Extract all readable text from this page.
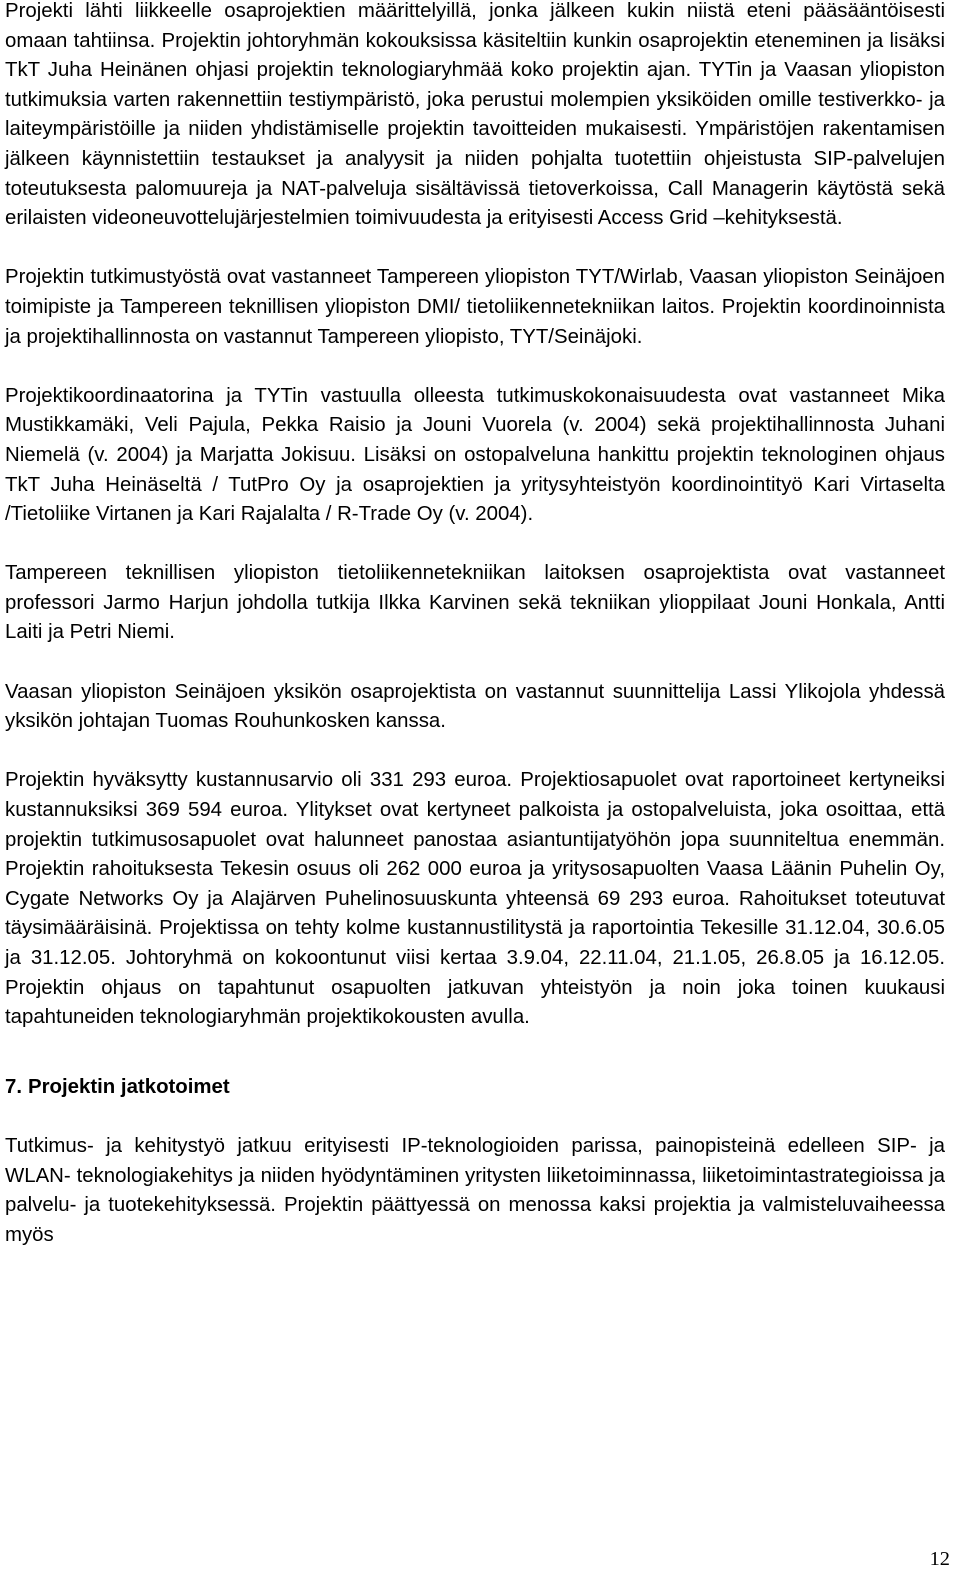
Projekti lähti liikkeelle osaprojektien määrittelyillä, jonka jälkeen kukin niistä eteni pääsääntöisesti omaan tahtiinsa. Projektin johtoryhmän kokouksissa käsiteltiin kunkin osaprojektin eteneminen ja lisäksi TkT Juha Heinänen ohjasi projektin teknologiaryhmää koko projektin ajan. TYTin ja Vaasan yliopiston tutkimuksia varten rakennettiin testiympäristö, joka perustui molempien yksiköiden omille testiverkko- ja laiteympäristöille ja niiden yhdistämiselle projektin tavoitteiden mukaisesti. Ympäristöjen rakentamisen jälkeen käynnistettiin testaukset ja analyysit ja niiden pohjalta tuotettiin ohjeistusta SIP-palvelujen toteutuksesta palomuureja ja NAT-palveluja sisältävissä tietoverkoissa, Call Managerin käytöstä sekä erilaisten videoneuvottelujärjestelmien toimivuudesta ja erityisesti Access Grid –kehityksestä.

Projektin tutkimustyöstä ovat vastanneet Tampereen yliopiston TYT/Wirlab, Vaasan yliopiston Seinäjoen toimipiste ja Tampereen teknillisen yliopiston DMI/ tietoliikennetekniikan laitos. Projektin koordinoinnista ja projektihallinnosta on vastannut Tampereen yliopisto, TYT/Seinäjoki.

Projektikoordinaatorina ja TYTin vastuulla olleesta tutkimuskokonaisuudesta ovat vastanneet Mika Mustikkamäki, Veli Pajula, Pekka Raisio ja Jouni Vuorela (v. 2004) sekä projektihallinnosta Juhani Niemelä (v. 2004) ja Marjatta Jokisuu. Lisäksi on ostopalveluna hankittu projektin teknologinen ohjaus TkT Juha Heinäseltä / TutPro Oy ja osaprojektien ja yritysyhteistyön koordinointityö Kari Virtaselta /Tietoliike Virtanen ja Kari Rajalalta / R-Trade Oy (v. 2004).

Tampereen teknillisen yliopiston tietoliikennetekniikan laitoksen osaprojektista ovat vastanneet professori Jarmo Harjun johdolla tutkija Ilkka Karvinen sekä tekniikan ylioppilaat Jouni Honkala, Antti Laiti ja Petri Niemi.

Vaasan yliopiston Seinäjoen yksikön osaprojektista on vastannut suunnittelija Lassi Ylikojola yhdessä yksikön johtajan Tuomas Rouhunkosken kanssa.

Projektin hyväksytty kustannusarvio oli 331 293 euroa. Projektiosapuolet ovat raportoineet kertyneiksi kustannuksiksi 369 594 euroa. Ylitykset ovat kertyneet palkoista ja ostopalveluista, joka osoittaa, että projektin tutkimusosapuolet ovat halunneet panostaa asiantuntijatyöhön jopa suunniteltua enemmän. Projektin rahoituksesta Tekesin osuus oli 262 000 euroa ja yritysosapuolten Vaasa Läänin Puhelin Oy, Cygate Networks Oy ja Alajärven Puhelinosuuskunta yhteensä 69 293 euroa. Rahoitukset toteutuvat täysimääräisinä. Projektissa on tehty kolme kustannustilitystä ja raportointia Tekesille 31.12.04, 30.6.05 ja 31.12.05. Johtoryhmä on kokoontunut viisi kertaa 3.9.04, 22.11.04, 21.1.05, 26.8.05 ja 16.12.05. Projektin ohjaus on tapahtunut osapuolten jatkuvan yhteistyön ja noin joka toinen kuukausi tapahtuneiden teknologiaryhmän projektikokousten avulla.

7. Projektin jatkotoimet

Tutkimus- ja kehitystyö jatkuu erityisesti IP-teknologioiden parissa, painopisteinä edelleen SIP- ja WLAN- teknologiakehitys ja niiden hyödyntäminen yritysten liiketoiminnassa, liiketoimintastrategioissa ja palvelu- ja tuotekehityksessä. Projektin päättyessä on menossa kaksi projektia ja valmisteluvaiheessa myös

12
